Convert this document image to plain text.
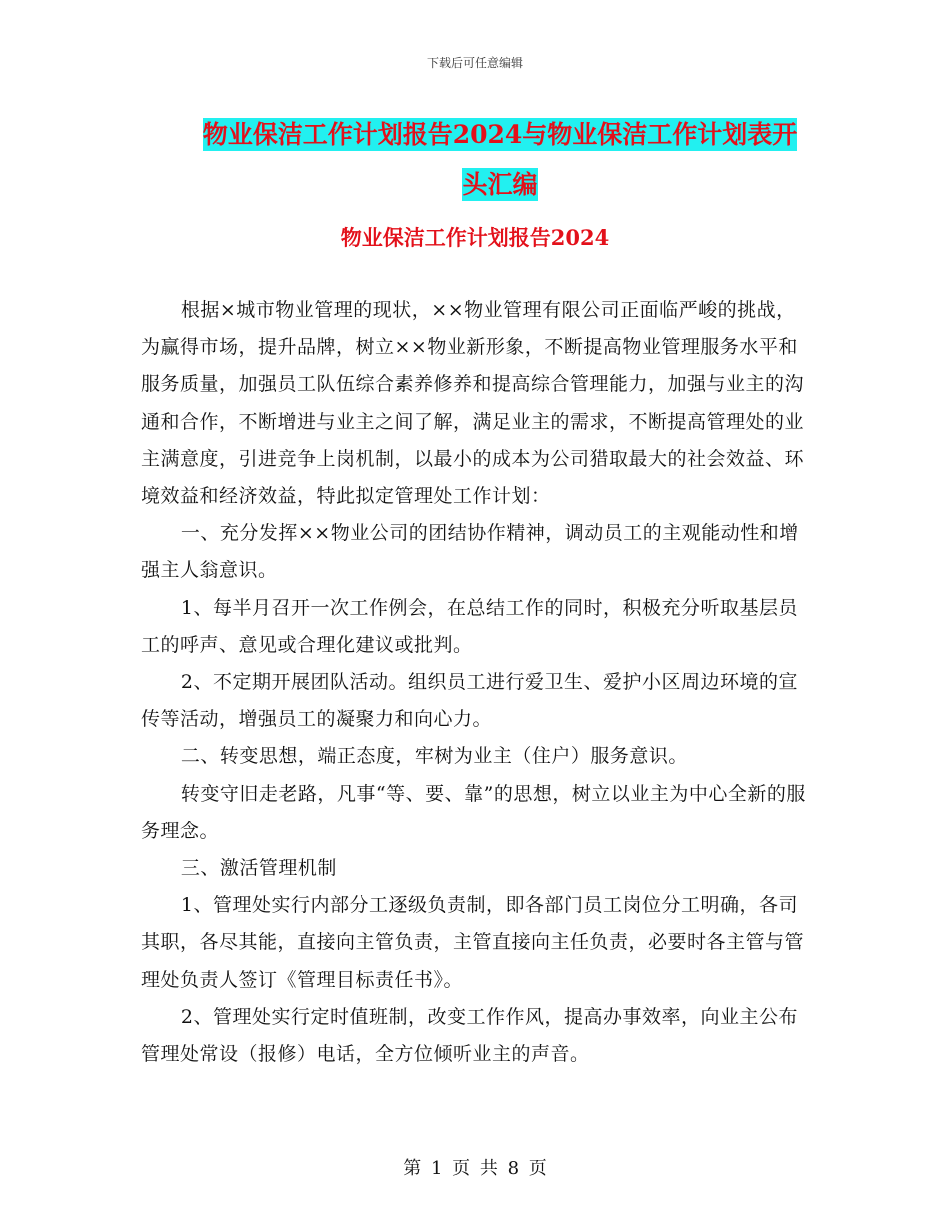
下载后可任意编辑
物业保洁工作计划报告2024与物业保洁工作计划表开
头汇编
物业保洁工作计划报告2024

根据×城市物业管理的现状，××物业管理有限公司正面临严峻的挑战，为赢得市场，提升品牌，树立××物业新形象，不断提高物业管理服务水平和服务质量，加强员工队伍综合素养修养和提高综合管理能力，加强与业主的沟通和合作，不断增进与业主之间了解，满足业主的需求，不断提高管理处的业主满意度，引进竞争上岗机制，以最小的成本为公司猎取最大的社会效益、环境效益和经济效益，特此拟定管理处工作计划：

一、充分发挥××物业公司的团结协作精神，调动员工的主观能动性和增强主人翁意识。

1、每半月召开一次工作例会，在总结工作的同时，积极充分听取基层员工的呼声、意见或合理化建议或批判。

2、不定期开展团队活动。组织员工进行爱卫生、爱护小区周边环境的宣传等活动，增强员工的凝聚力和向心力。

二、转变思想，端正态度，牢树为业主（住户）服务意识。

转变守旧走老路，凡事“等、要、靠”的思想，树立以业主为中心全新的服务理念。

三、激活管理机制

1、管理处实行内部分工逐级负责制，即各部门员工岗位分工明确，各司其职，各尽其能，直接向主管负责，主管直接向主任负责，必要时各主管与管理处负责人签订《管理目标责任书》。

2、管理处实行定时值班制，改变工作作风，提高办事效率，向业主公布管理处常设（报修）电话，全方位倾听业主的声音。

第 1 页 共 8 页
